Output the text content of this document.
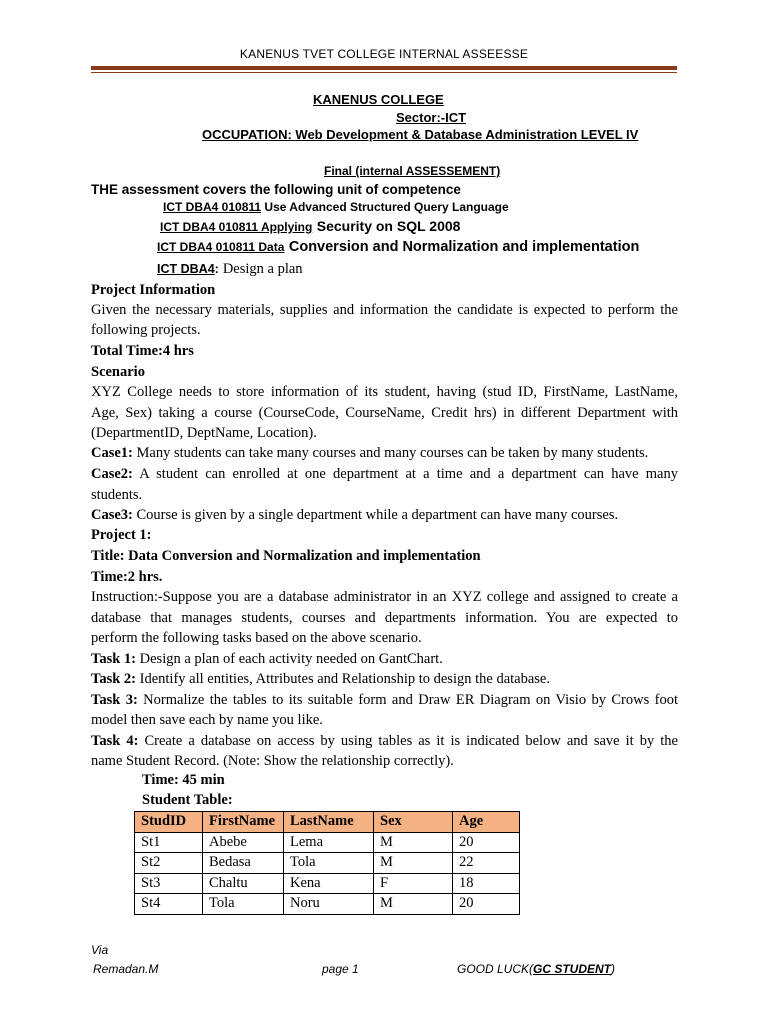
KANENUS TVET COLLEGE INTERNAL ASSEESSE
KANENUS COLLEGE
Sector:-ICT
OCCUPATION: Web Development & Database Administration LEVEL IV
Final (internal ASSESSEMENT)
THE assessment covers the following unit of competence
ICT DBA4 010811 Use Advanced Structured Query Language
ICT DBA4 010811 Applying Security on SQL 2008
ICT DBA4 010811 Data Conversion and Normalization and implementation
ICT DBA4: Design a plan
Project Information
Given the necessary materials, supplies and information the candidate is expected to perform the
following projects.
Total Time:4 hrs
Scenario
XYZ College needs to store information of its student, having (stud ID, FirstName, LastName,
Age, Sex) taking a course (CourseCode, CourseName, Credit hrs) in different Department with
(DepartmentID, DeptName, Location).
Case1: Many students can take many courses and many courses can be taken by many students.
Case2: A student can enrolled at one department at a time and a department can have many
students.
Case3: Course is given by a single department while a department can have many courses.
Project 1:
Title: Data Conversion and Normalization and implementation
Time:2 hrs.
Instruction:-Suppose you are a database administrator in an XYZ college and assigned to create a
database that manages students, courses and departments information. You are expected to
perform the following tasks based on the above scenario.
Task 1: Design a plan of each activity needed on GantChart.
Task 2: Identify all entities, Attributes and Relationship to design the database.
Task 3: Normalize the tables to its suitable form and Draw ER Diagram on Visio by Crows foot
model then save each by name you like.
Task 4: Create a database on access by using tables as it is indicated below and save it by the
name Student Record. (Note: Show the relationship correctly).
Time: 45 min
Student Table:
StudID	FirstName	LastName	Sex	Age
St1	Abebe	Lema	M	20
St2	Bedasa	Tola	M	22
St3	Chaltu	Kena	F	18
St4	Tola	Noru	M	20
Via
Remadan.M	page 1	GOOD LUCK(GC STUDENT)
